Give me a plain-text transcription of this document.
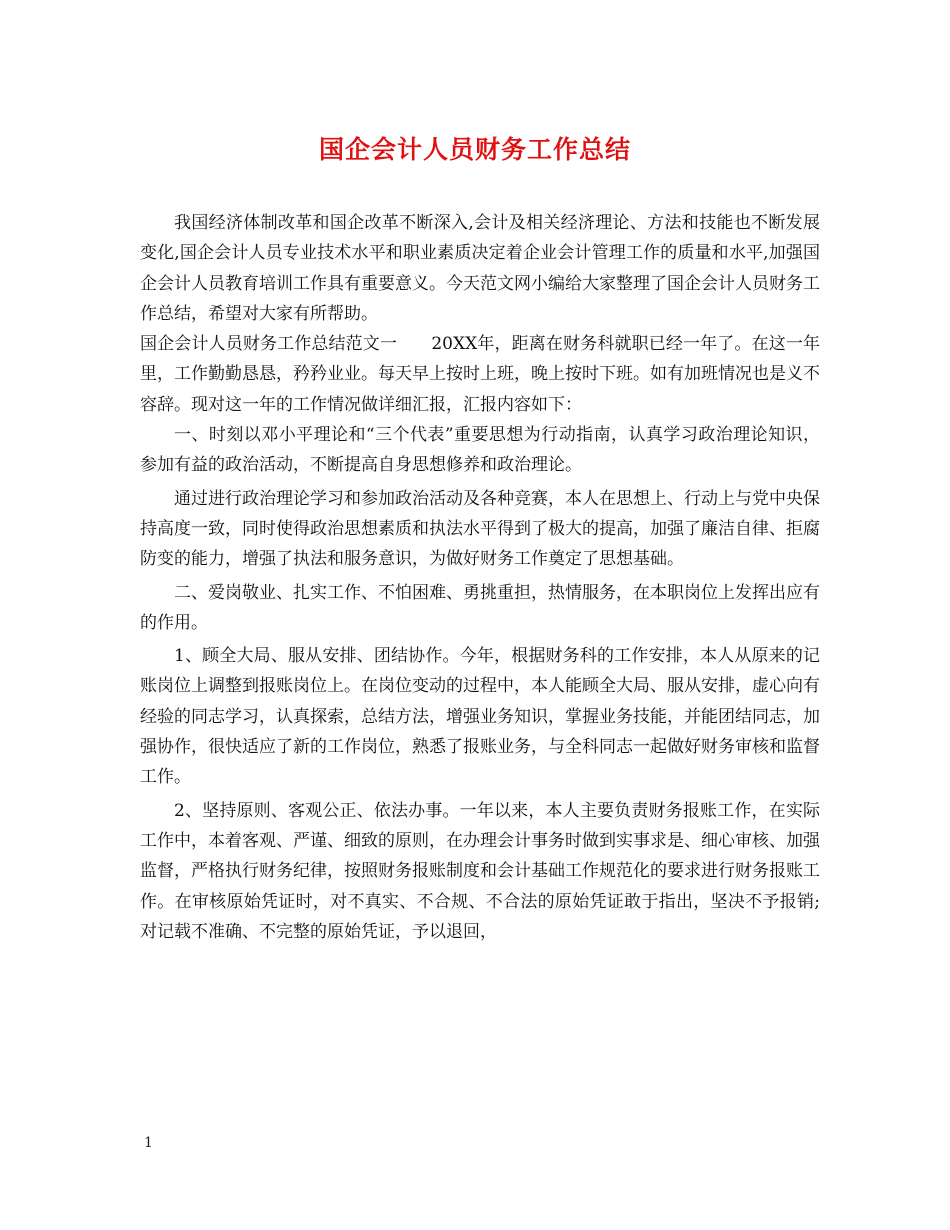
国企会计人员财务工作总结

我国经济体制改革和国企改革不断深入,会计及相关经济理论、方法和技能也不断发展变化,国企会计人员专业技术水平和职业素质决定着企业会计管理工作的质量和水平,加强国企会计人员教育培训工作具有重要意义。今天范文网小编给大家整理了国企会计人员财务工作总结，希望对大家有所帮助。

国企会计人员财务工作总结范文一　　20XX年，距离在财务科就职已经一年了。在这一年里，工作勤勤恳恳，矜矜业业。每天早上按时上班，晚上按时下班。如有加班情况也是义不容辞。现对这一年的工作情况做详细汇报，汇报内容如下：

一、时刻以邓小平理论和“三个代表”重要思想为行动指南，认真学习政治理论知识，参加有益的政治活动，不断提高自身思想修养和政治理论。

通过进行政治理论学习和参加政治活动及各种竞赛，本人在思想上、行动上与党中央保持高度一致，同时使得政治思想素质和执法水平得到了极大的提高，加强了廉洁自律、拒腐防变的能力，增强了执法和服务意识，为做好财务工作奠定了思想基础。

二、爱岗敬业、扎实工作、不怕困难、勇挑重担，热情服务，在本职岗位上发挥出应有的作用。

1、顾全大局、服从安排、团结协作。今年，根据财务科的工作安排，本人从原来的记账岗位上调整到报账岗位上。在岗位变动的过程中，本人能顾全大局、服从安排，虚心向有经验的同志学习，认真探索，总结方法，增强业务知识，掌握业务技能，并能团结同志，加强协作，很快适应了新的工作岗位，熟悉了报账业务，与全科同志一起做好财务审核和监督工作。

2、坚持原则、客观公正、依法办事。一年以来，本人主要负责财务报账工作，在实际工作中，本着客观、严谨、细致的原则，在办理会计事务时做到实事求是、细心审核、加强监督，严格执行财务纪律，按照财务报账制度和会计基础工作规范化的要求进行财务报账工作。在审核原始凭证时，对不真实、不合规、不合法的原始凭证敢于指出，坚决不予报销;对记载不准确、不完整的原始凭证，予以退回，

1
